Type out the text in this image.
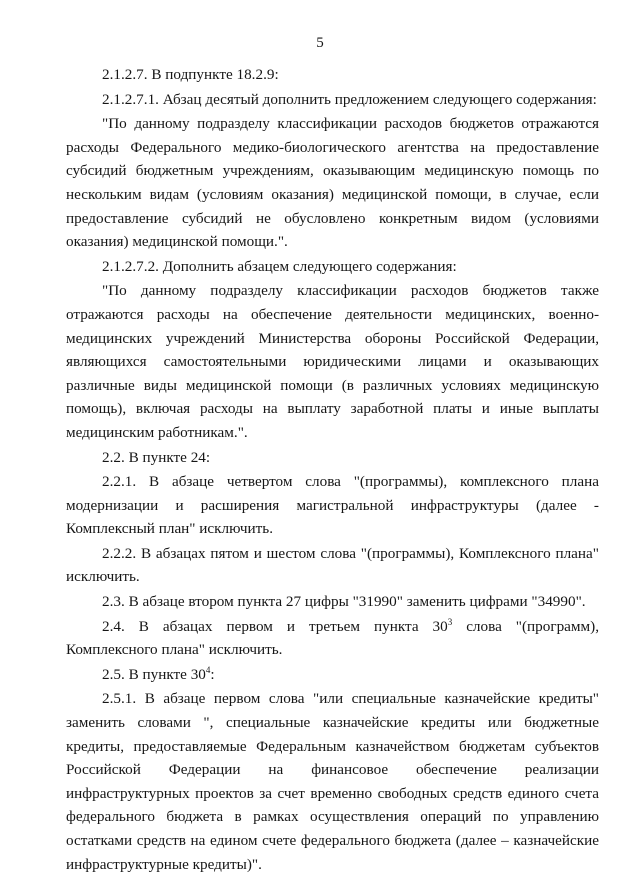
5

2.1.2.7. В подпункте 18.2.9:

2.1.2.7.1. Абзац десятый дополнить предложением следующего содержания:

"По данному подразделу классификации расходов бюджетов отражаются расходы Федерального медико-биологического агентства на предоставление субсидий бюджетным учреждениям, оказывающим медицинскую помощь по нескольким видам (условиям оказания) медицинской помощи, в случае, если предоставление субсидий не обусловлено конкретным видом (условиями оказания) медицинской помощи.".

2.1.2.7.2. Дополнить абзацем следующего содержания:

"По данному подразделу классификации расходов бюджетов также отражаются расходы на обеспечение деятельности медицинских, военно-медицинских учреждений Министерства обороны Российской Федерации, являющихся самостоятельными юридическими лицами и оказывающих различные виды медицинской помощи (в различных условиях медицинскую помощь), включая расходы на выплату заработной платы и иные выплаты медицинским работникам.".

2.2. В пункте 24:

2.2.1. В абзаце четвертом слова "(программы), комплексного плана модернизации и расширения магистральной инфраструктуры (далее - Комплексный план" исключить.

2.2.2. В абзацах пятом и шестом слова "(программы), Комплексного плана" исключить.

2.3. В абзаце втором пункта 27 цифры "31990" заменить цифрами "34990".

2.4. В абзацах первом и третьем пункта $30^3$ слова "(программ), Комплексного плана" исключить.

2.5. В пункте $30^4$:

2.5.1. В абзаце первом слова "или специальные казначейские кредиты" заменить словами ", специальные казначейские кредиты или бюджетные кредиты, предоставляемые Федеральным казначейством бюджетам субъектов Российской Федерации на финансовое обеспечение реализации инфраструктурных проектов за счет временно свободных средств единого счета федерального бюджета в рамках осуществления операций по управлению остатками средств на едином счете федерального бюджета (далее – казначейские инфраструктурные кредиты)".
